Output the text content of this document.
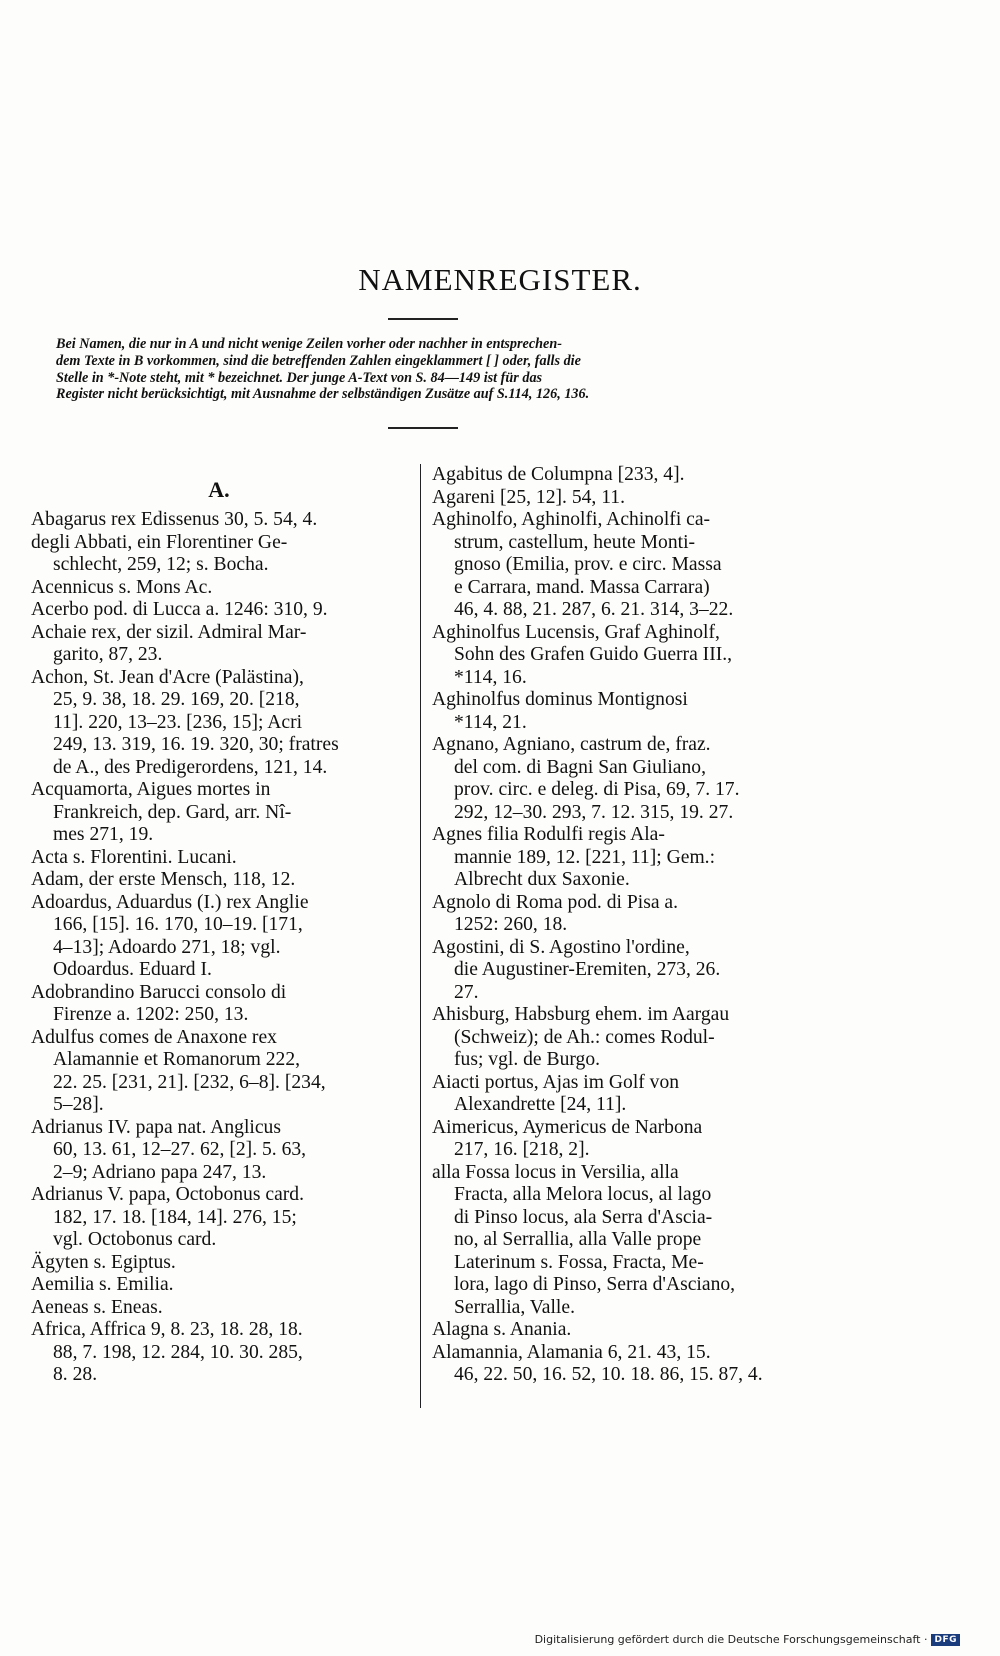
NAMENREGISTER.
Bei Namen, die nur in A und nicht wenige Zeilen vorher oder nachher in entsprechen-
dem Texte in B vorkommen, sind die betreffenden Zahlen eingeklammert [ ] oder, falls die
Stelle in *-Note steht, mit * bezeichnet. Der junge A-Text von S. 84—149 ist für das
Register nicht berücksichtigt, mit Ausnahme der selbständigen Zusätze auf S.114, 126, 136.
A.
Abagarus rex Edissenus 30, 5. 54, 4.
degli Abbati, ein Florentiner Ge-
schlecht, 259, 12; s. Bocha.
Acennicus s. Mons Ac.
Acerbo pod. di Lucca a. 1246: 310, 9.
Achaie rex, der sizil. Admiral Mar-
garito, 87, 23.
Achon, St. Jean d'Acre (Palästina),
25, 9. 38, 18. 29. 169, 20. [218,
11]. 220, 13–23. [236, 15]; Acri
249, 13. 319, 16. 19. 320, 30; fratres
de A., des Predigerordens, 121, 14.
Acquamorta, Aigues mortes in
Frankreich, dep. Gard, arr. Nî-
mes 271, 19.
Acta s. Florentini. Lucani.
Adam, der erste Mensch, 118, 12.
Adoardus, Aduardus (I.) rex Anglie
166, [15]. 16. 170, 10–19. [171,
4–13]; Adoardo 271, 18; vgl.
Odoardus. Eduard I.
Adobrandino Barucci consolo di
Firenze a. 1202: 250, 13.
Adulfus comes de Anaxone rex
Alamannie et Romanorum 222,
22. 25. [231, 21]. [232, 6–8]. [234,
5–28].
Adrianus IV. papa nat. Anglicus
60, 13. 61, 12–27. 62, [2]. 5. 63,
2–9; Adriano papa 247, 13.
Adrianus V. papa, Octobonus card.
182, 17. 18. [184, 14]. 276, 15;
vgl. Octobonus card.
Ägyten s. Egiptus.
Aemilia s. Emilia.
Aeneas s. Eneas.
Africa, Affrica 9, 8. 23, 18. 28, 18.
88, 7. 198, 12. 284, 10. 30. 285,
8. 28.
Agabitus de Columpna [233, 4].
Agareni [25, 12]. 54, 11.
Aghinolfo, Aghinolfi, Achinolfi ca-
strum, castellum, heute Monti-
gnoso (Emilia, prov. e circ. Massa
e Carrara, mand. Massa Carrara)
46, 4. 88, 21. 287, 6. 21. 314, 3–22.
Aghinolfus Lucensis, Graf Aghinolf,
Sohn des Grafen Guido Guerra III.,
*114, 16.
Aghinolfus dominus Montignosi
*114, 21.
Agnano, Agniano, castrum de, fraz.
del com. di Bagni San Giuliano,
prov. circ. e deleg. di Pisa, 69, 7. 17.
292, 12–30. 293, 7. 12. 315, 19. 27.
Agnes filia Rodulfi regis Ala-
mannie 189, 12. [221, 11]; Gem.:
Albrecht dux Saxonie.
Agnolo di Roma pod. di Pisa a.
1252: 260, 18.
Agostini, di S. Agostino l'ordine,
die Augustiner-Eremiten, 273, 26.
27.
Ahisburg, Habsburg ehem. im Aargau
(Schweiz); de Ah.: comes Rodul-
fus; vgl. de Burgo.
Aiacti portus, Ajas im Golf von
Alexandrette [24, 11].
Aimericus, Aymericus de Narbona
217, 16. [218, 2].
alla Fossa locus in Versilia, alla
Fracta, alla Melora locus, al lago
di Pinso locus, ala Serra d'Ascia-
no, al Serrallia, alla Valle prope
Laterinum s. Fossa, Fracta, Me-
lora, lago di Pinso, Serra d'Asciano,
Serrallia, Valle.
Alagna s. Anania.
Alamannia, Alamania 6, 21. 43, 15.
46, 22. 50, 16. 52, 10. 18. 86, 15. 87, 4.
Digitalisierung gefördert durch die Deutsche Forschungsgemeinschaft · DFG
